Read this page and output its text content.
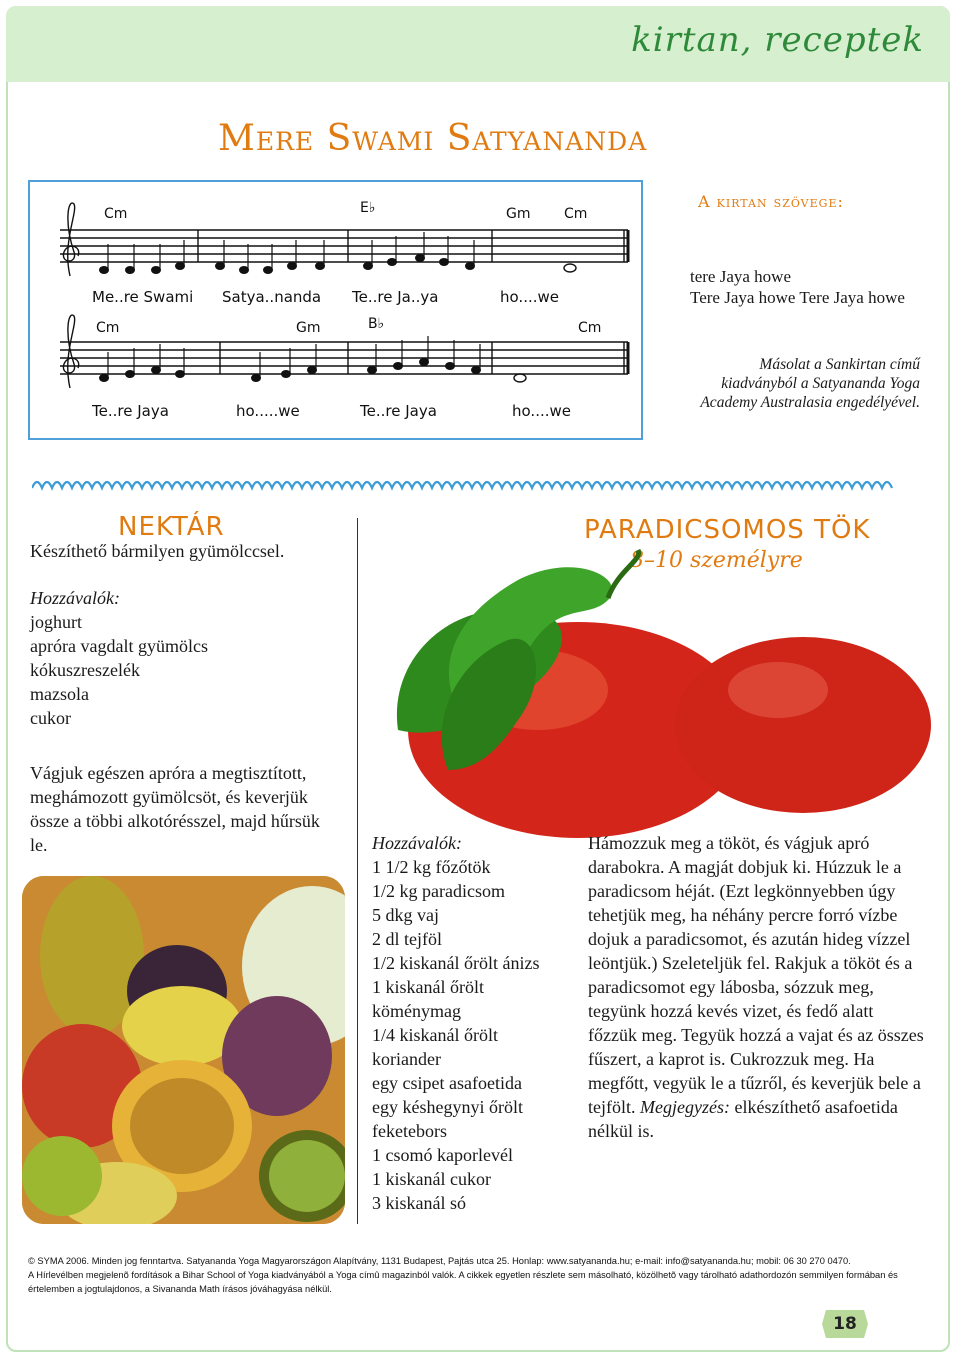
kirtan, receptek
Mere Swami Satyananda
Cm	E♭	Gm Cm
Cm	Gm	B♭	Cm
Me..re Swami Satya..nanda Te..re Ja..ya	ho....we
Te..re Jaya	ho.....we	Te..re Jaya	ho....we
A kirtan szövege:
tere Jaya howe
Tere Jaya howe Tere Jaya howe
Másolat a Sankirtan című kiadványból a Satyananda Yoga Academy Australasia engedélyével.
NEKTÁR
Készíthető bármilyen gyümölccsel.
Hozzávalók:
joghurt
apróra vagdalt gyümölcs
kókuszreszelék
mazsola
cukor
Vágjuk egészen apróra a megtisztított, meghámozott gyümölcsöt, és keverjük össze a többi alkotórésszel, majd hűrsük le.
PARADICSOMOS TÖK
8–10 személyre
Hozzávalók:
1 1/2 kg főzőtök
1/2 kg paradicsom
5 dkg vaj
2 dl tejföl
1/2 kiskanál őrölt ánizs
1 kiskanál őrölt
köménymag
1/4 kiskanál őrölt
koriander
egy csipet asafoetida
egy késhegynyi őrölt
feketebors
1 csomó kaporlevél
1 kiskanál cukor
3 kiskanál só
Hámozzuk meg a tököt, és vágjuk apró darabokra. A magját dobjuk ki. Húzzuk le a paradicsom héját. (Ezt legkönnyebben úgy tehetjük meg, ha néhány percre forró vízbe dojuk a paradicsomot, és azután hideg vízzel leöntjük.) Szeleteljük fel. Rakjuk a tököt és a paradicsomot egy lábosba, sózzuk meg, tegyünk hozzá kevés vizet, és fedő alatt főzzük meg. Tegyük hozzá a vajat és az összes fűszert, a kaprot is. Cukrozzuk meg. Ha megfőtt, vegyük le a tűzről, és keverjük bele a tejfölt. Megjegyzés: elkészíthető asafoetida nélkül is.
© SYMA 2006. Minden jog fenntartva. Satyananda Yoga Magyarországon Alapítvány, 1131 Budapest, Pajtás utca 25. Honlap: www.satyananda.hu; e-mail: info@satyananda.hu; mobil: 06 30 270 0470.
A Hírlevélben megjelenõ fordítások a Bihar School of Yoga kiadványából a Yoga címû magazinból valók. A cikkek egyetlen részlete sem másolható, közölhetõ vagy tárolható adathordozón semmilyen formában és értelemben a jogtulajdonos, a Sivananda Math írásos jóváhagyása nélkül.
18
